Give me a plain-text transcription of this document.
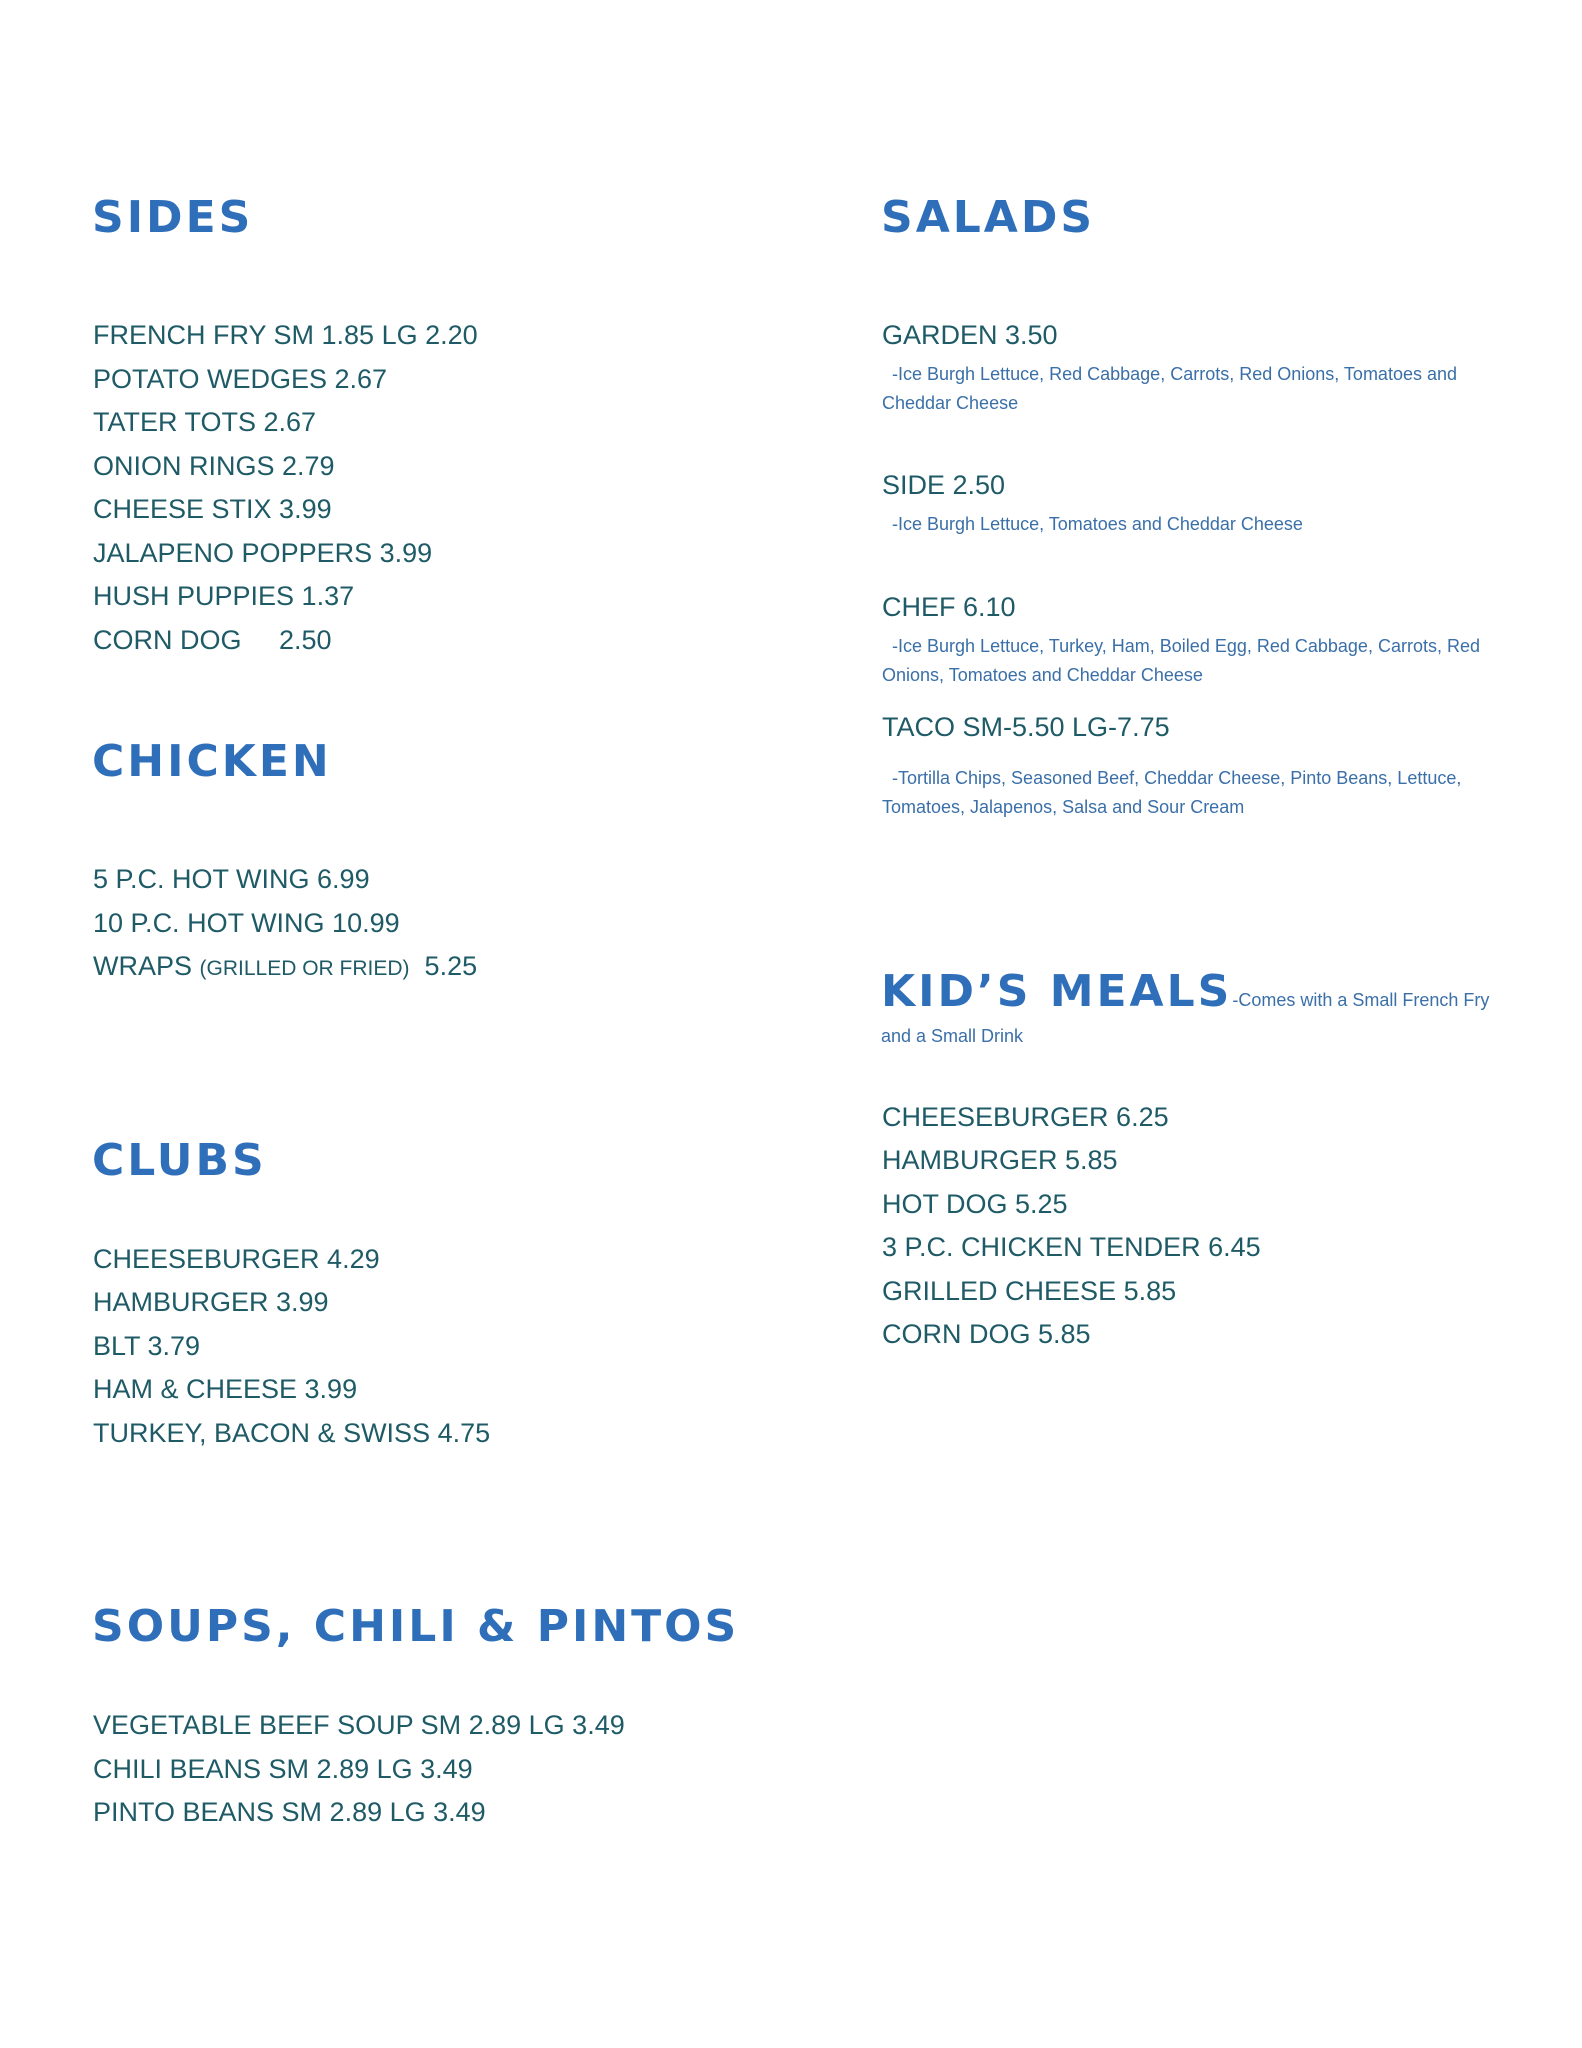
SIDES
FRENCH FRY SM 1.85 LG 2.20
POTATO WEDGES 2.67
TATER TOTS 2.67
ONION RINGS 2.79
CHEESE STIX 3.99
JALAPENO POPPERS 3.99
HUSH PUPPIES 1.37
CORN DOG     2.50
CHICKEN
5 P.C. HOT WING 6.99
10 P.C. HOT WING 10.99
WRAPS (GRILLED OR FRIED)  5.25
CLUBS
CHEESEBURGER 4.29
HAMBURGER 3.99
BLT 3.79
HAM & CHEESE 3.99
TURKEY, BACON & SWISS 4.75
SOUPS, CHILI & PINTOS
VEGETABLE BEEF SOUP SM 2.89 LG 3.49
CHILI BEANS SM 2.89 LG 3.49
PINTO BEANS SM 2.89 LG 3.49
SALADS
GARDEN 3.50
-Ice Burgh Lettuce, Red Cabbage, Carrots, Red Onions, Tomatoes and Cheddar Cheese
SIDE 2.50
-Ice Burgh Lettuce, Tomatoes and Cheddar Cheese
CHEF 6.10
-Ice Burgh Lettuce, Turkey, Ham, Boiled Egg, Red Cabbage, Carrots, Red Onions, Tomatoes and Cheddar Cheese
TACO SM-5.50 LG-7.75
-Tortilla Chips, Seasoned Beef, Cheddar Cheese, Pinto Beans, Lettuce, Tomatoes, Jalapenos, Salsa and Sour Cream
KID’S MEALS-Comes with a Small French Fry and a Small Drink
CHEESEBURGER 6.25
HAMBURGER 5.85
HOT DOG 5.25
3 P.C. CHICKEN TENDER 6.45
GRILLED CHEESE 5.85
CORN DOG 5.85
